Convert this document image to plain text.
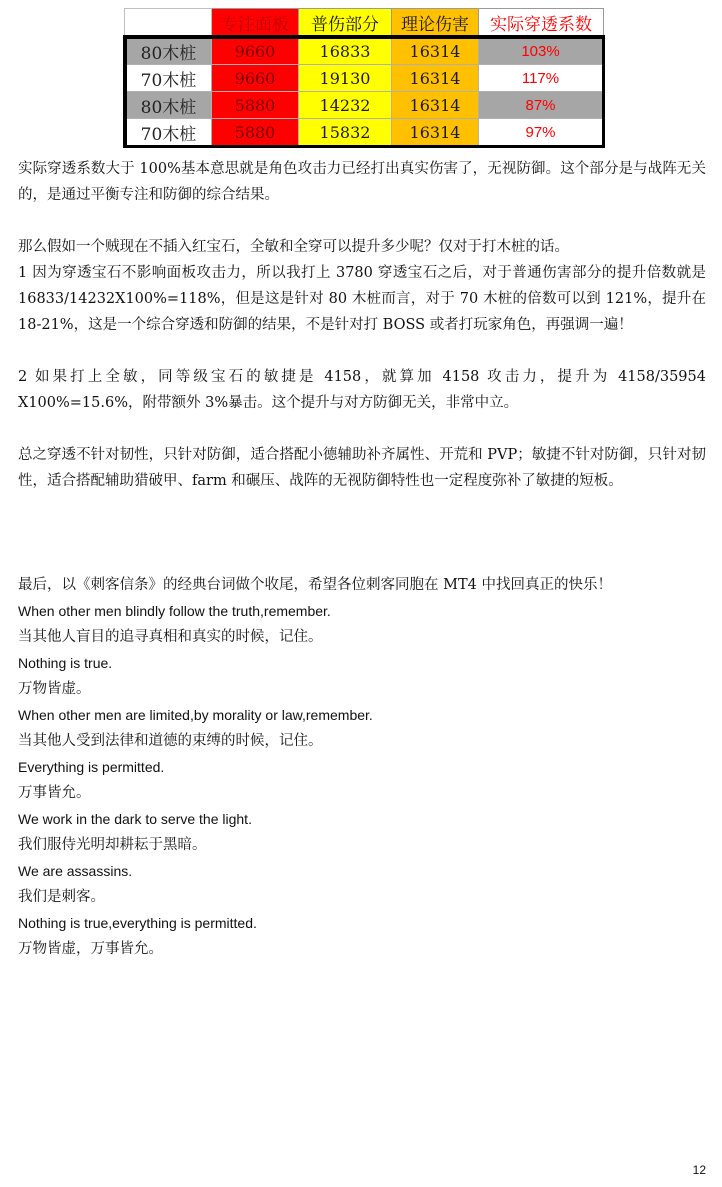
	专注面板	普伤部分	理论伤害	实际穿透系数
80木桩	9660	16833	16314	103%
70木桩	9660	19130	16314	117%
80木桩	5880	14232	16314	87%
70木桩	5880	15832	16314	97%

实际穿透系数大于 100%基本意思就是角色攻击力已经打出真实伤害了，无视防御。这个部分是与战阵无关的，是通过平衡专注和防御的综合结果。

那么假如一个贼现在不插入红宝石，全敏和全穿可以提升多少呢？仅对于打木桩的话。

1 因为穿透宝石不影响面板攻击力，所以我打上 3780 穿透宝石之后，对于普通伤害部分的提升倍数就是 16833/14232X100%=118%，但是这是针对 80 木桩而言，对于 70 木桩的倍数可以到 121%，提升在 18-21%，这是一个综合穿透和防御的结果，不是针对打 BOSS 或者打玩家角色，再强调一遍！

2 如果打上全敏，同等级宝石的敏捷是 4158，就算加 4158 攻击力，提升为 4158/35954 X100%=15.6%，附带额外 3%暴击。这个提升与对方防御无关，非常中立。

总之穿透不针对韧性，只针对防御，适合搭配小德辅助补齐属性、开荒和 PVP；敏捷不针对防御，只针对韧性，适合搭配辅助猎破甲、farm 和碾压、战阵的无视防御特性也一定程度弥补了敏捷的短板。

最后，以《刺客信条》的经典台词做个收尾，希望各位刺客同胞在 MT4 中找回真正的快乐！

When other men blindly follow the truth,remember.

当其他人盲目的追寻真相和真实的时候，记住。

Nothing is true.

万物皆虚。

When other men are limited,by morality or law,remember.

当其他人受到法律和道德的束缚的时候，记住。

Everything is permitted.

万事皆允。

We work in the dark to serve the light.

我们服侍光明却耕耘于黑暗。

We are assassins.

我们是刺客。

Nothing is true,everything is permitted.

万物皆虚，万事皆允。

12
